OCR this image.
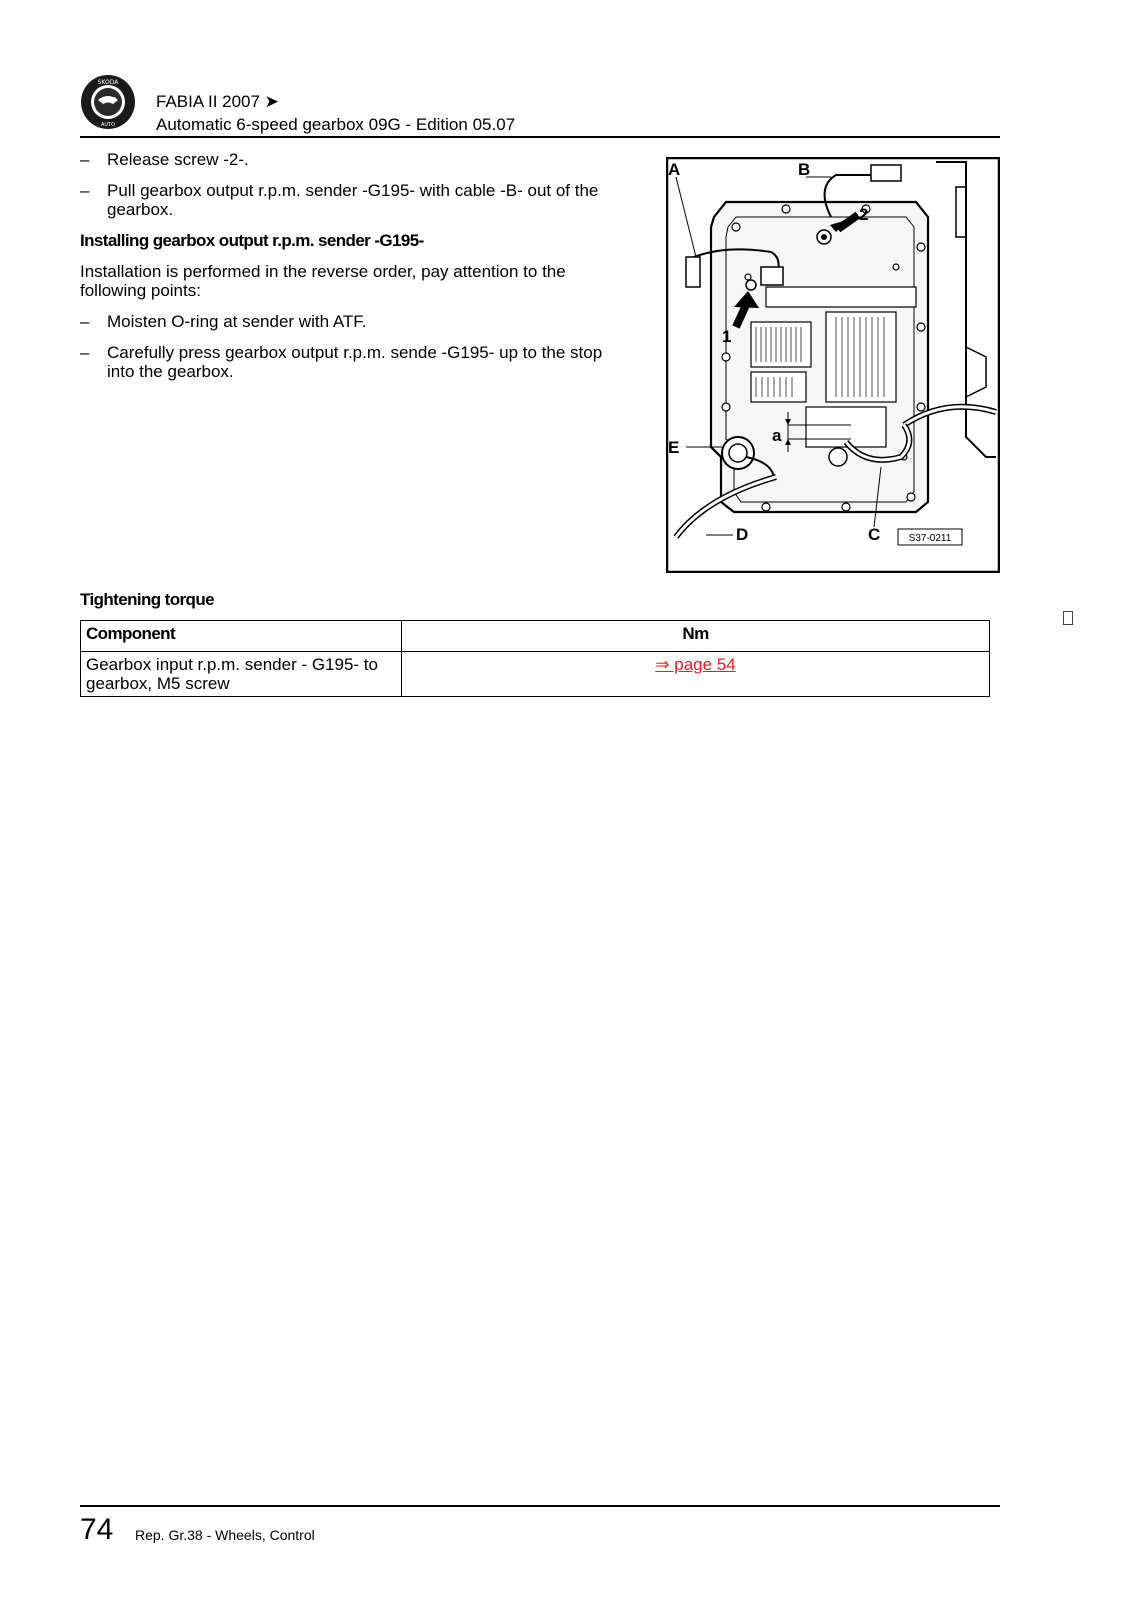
SKODA
AUTO
FABIA II 2007 ➤
Automatic 6-speed gearbox 09G - Edition 05.07
– Release screw -2-.
– Pull gearbox output r.p.m. sender -G195- with cable -B- out of the gearbox.
Installing gearbox output r.p.m. sender -G195-
Installation is performed in the reverse order, pay attention to the following points:
– Moisten O-ring at sender with ATF.
– Carefully press gearbox output r.p.m. sende -G195- up to the stop into the gearbox.
A	B
2
1
a
E
D	C	S37-0211
Tightening torque
Component	Nm
Gearbox input r.p.m. sender - G195- to gearbox, M5 screw	⇒ page 54
74 Rep. Gr.38 - Wheels, Control
